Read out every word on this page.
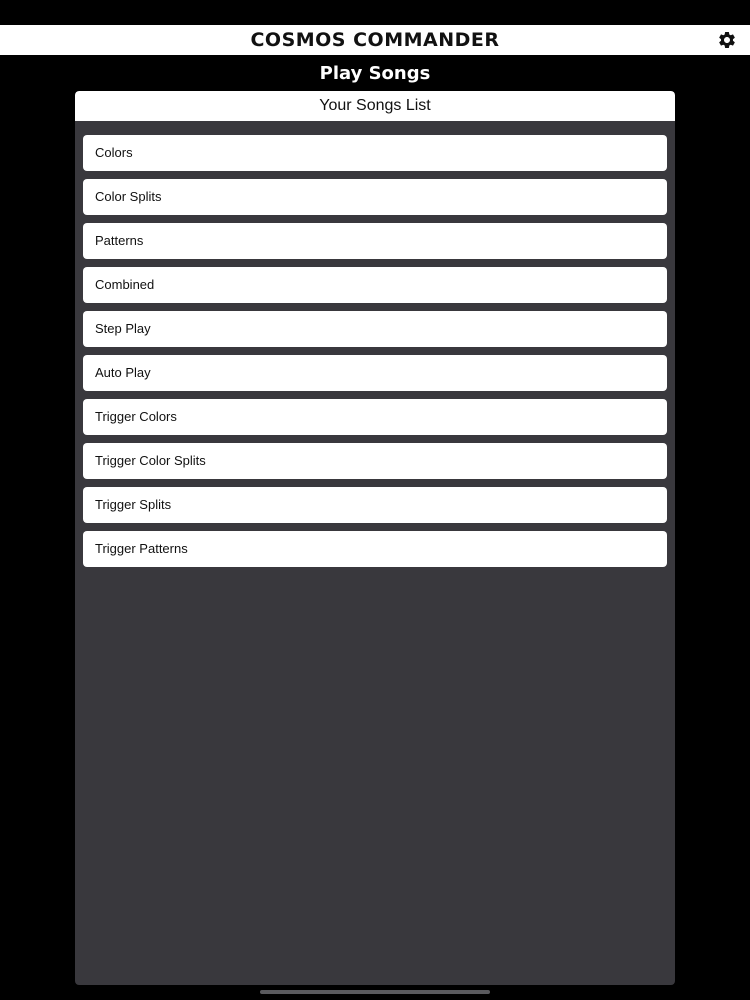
COSMOS COMMANDER
Play Songs
Your Songs List
Colors
Color Splits
Patterns
Combined
Step Play
Auto Play
Trigger Colors
Trigger Color Splits
Trigger Splits
Trigger Patterns
